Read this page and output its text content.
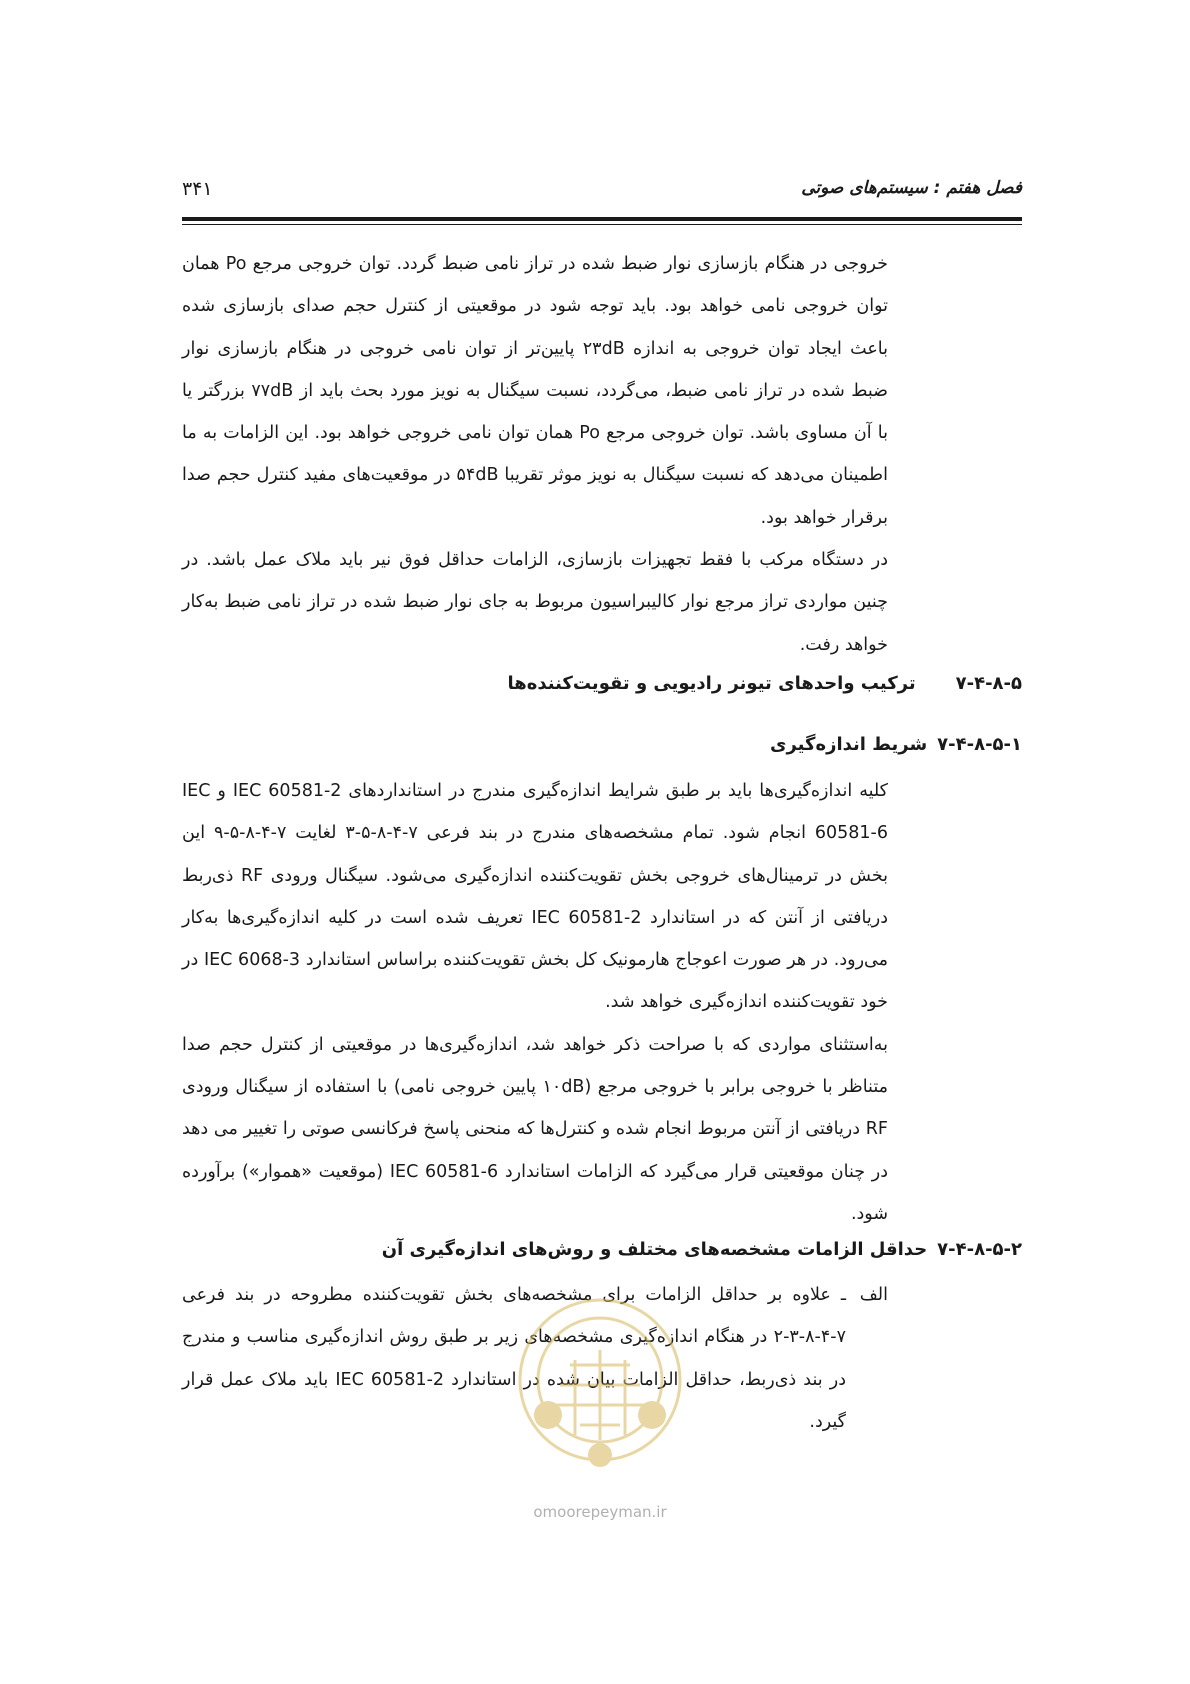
فصل هفتم : سیستم‌های صوتی
۳۴۱

خروجی در هنگام بازسازی نوار ضبط شده در تراز نامی ضبط گردد. توان خروجی مرجع Po همان توان خروجی نامی خواهد بود. باید توجه شود در موقعیتی از کنترل حجم صدای بازسازی شده باعث ایجاد توان خروجی به اندازه ۲۳dB پایین‌تر از توان نامی خروجی در هنگام بازسازی نوار ضبط شده در تراز نامی ضبط، می‌گردد، نسبت سیگنال به نویز مورد بحث باید از ۷۷dB بزرگتر یا با آن مساوی باشد. توان خروجی مرجع Po همان توان نامی خروجی خواهد بود. این الزامات به ما اطمینان می‌دهد که نسبت سیگنال به نویز موثر تقریبا ۵۴dB در موقعیت‌های مفید کنترل حجم صدا برقرار خواهد بود.

در دستگاه مرکب با فقط تجهیزات بازسازی، الزامات حداقل فوق نیر باید ملاک عمل باشد. در چنین مواردی تراز مرجع نوار کالیبراسیون مربوط به جای نوار ضبط شده در تراز نامی ضبط به‌کار خواهد رفت.

۷-۴-۸-۵ترکیب واحدهای تیونر رادیویی و تقویت‌کننده‌ها
۷-۴-۸-۵-۱شریط اندازه‌گیری

کلیه اندازه‌گیری‌ها باید بر طبق شرایط اندازه‌گیری مندرج در استانداردهای IEC 60581-2 و IEC 60581-6 انجام شود. تمام مشخصه‌های مندرج در بند فرعی ۷-۴-۸-۵-۳ لغایت ۷-۴-۸-۵-۹ این بخش در ترمینال‌های خروجی بخش تقویت‌کننده اندازه‌گیری می‌شود. سیگنال ورودی RF ذی‌ربط دریافتی از آنتن که در استاندارد IEC 60581-2 تعریف شده است در کلیه اندازه‌گیری‌ها به‌کار می‌رود. در هر صورت اعوجاج هارمونیک کل بخش تقویت‌کننده براساس استاندارد IEC 6068-3 در خود تقویت‌کننده اندازه‌گیری خواهد شد.

به‌استثنای مواردی که با صراحت ذکر خواهد شد، اندازه‌گیری‌ها در موقعیتی از کنترل حجم صدا متناظر با خروجی برابر با خروجی مرجع (۱۰dB پایین خروجی نامی) با استفاده از سیگنال ورودی RF دریافتی از آنتن مربوط انجام شده و کنترل‌ها که منحنی پاسخ فرکانسی صوتی را تغییر می دهد در چنان موقعیتی قرار می‌گیرد که الزامات استاندارد IEC 60581-6 (موقعیت «هموار») برآورده شود.

۷-۴-۸-۵-۲حداقل الزامات مشخصه‌های مختلف و روش‌های اندازه‌گیری آن
الف
ـ علاوه بر حداقل الزامات برای مشخصه‌های بخش تقویت‌کننده مطروحه در بند فرعی ۷-۴-۸-۳-۲ در هنگام اندازه‌گیری مشخصه‌های زیر بر طبق روش اندازه‌گیری مناسب و مندرج در بند ذی‌ربط، حداقل الزامات بیان شده در استاندارد IEC 60581-2 باید ملاک عمل قرار گیرد.
omoorepeyman.ir
